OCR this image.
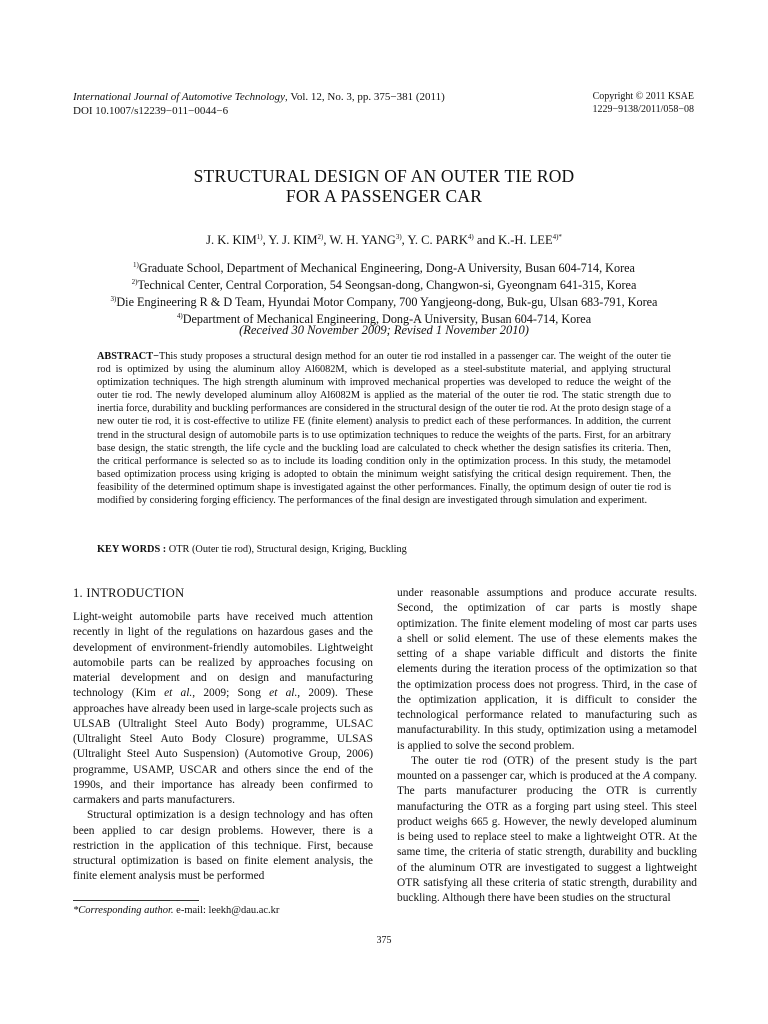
International Journal of Automotive Technology, Vol. 12, No. 3, pp. 375−381 (2011)
DOI 10.1007/s12239−011−0044−6
Copyright © 2011 KSAE
1229−9138/2011/058−08
STRUCTURAL DESIGN OF AN OUTER TIE ROD
FOR A PASSENGER CAR
J. K. KIM$^{1)}$, Y. J. KIM$^{2)}$, W. H. YANG$^{3)}$, Y. C. PARK$^{4)}$ and K.-H. $LEE^{4)*}$
$^{1)}$Graduate School, Department of Mechanical Engineering, Dong-A University, Busan 604-714, Korea
$^{2)}$Technical Center, Central Corporation, 54 Seongsan-dong, Changwon-si, Gyeongnam 641-315, Korea
$^{3)}$Die Engineering R & D Team, Hyundai Motor Company, 700 Yangjeong-dong, Buk-gu, Ulsan 683-791, Korea
$^{4)}$Department of Mechanical Engineering, Dong-A University, Busan 604-714, Korea
(Received 30 November 2009; Revised 1 November 2010)
ABSTRACT−This study proposes a structural design method for an outer tie rod installed in a passenger car. The weight of the outer tie rod is optimized by using the aluminum alloy Al6082M, which is developed as a steel-substitute material, and applying structural optimization techniques. The high strength aluminum with improved mechanical properties was developed to reduce the weight of the outer tie rod. The newly developed aluminum alloy Al6082M is applied as the material of the outer tie rod. The static strength due to inertia force, durability and buckling performances are considered in the structural design of the outer tie rod. At the proto design stage of a new outer tie rod, it is cost-effective to utilize FE (finite element) analysis to predict each of these performances. In addition, the current trend in the structural design of automobile parts is to use optimization techniques to reduce the weights of the parts. First, for an arbitrary base design, the static strength, the life cycle and the buckling load are calculated to check whether the design satisfies its criteria. Then, the critical performance is selected so as to include its loading condition only in the optimization process. In this study, the metamodel based optimization process using kriging is adopted to obtain the minimum weight satisfying the critical design requirement. Then, the feasibility of the determined optimum shape is investigated against the other performances. Finally, the optimum design of outer tie rod is modified by considering forging efficiency. The performances of the final design are investigated through simulation and experiment.
KEY WORDS : OTR (Outer tie rod), Structural design, Kriging, Buckling
1. INTRODUCTION

Light-weight automobile parts have received much attention recently in light of the regulations on hazardous gases and the development of environment-friendly automobiles. Lightweight automobile parts can be realized by approaches focusing on material development and on design and manufacturing technology (Kim et al., 2009; Song et al., 2009). These approaches have already been used in large-scale projects such as ULSAB (Ultralight Steel Auto Body) programme, ULSAC (Ultralight Steel Auto Body Closure) programme, ULSAS (Ultralight Steel Auto Suspension) (Automotive Group, 2006) programme, USAMP, USCAR and others since the end of the 1990s, and their importance has already been confirmed to carmakers and parts manufacturers.

Structural optimization is a design technology and has often been applied to car design problems. However, there is a restriction in the application of this technique. First, because structural optimization is based on finite element analysis, the finite element analysis must be performed

under reasonable assumptions and produce accurate results. Second, the optimization of car parts is mostly shape optimization. The finite element modeling of most car parts uses a shell or solid element. The use of these elements makes the setting of a shape variable difficult and distorts the finite elements during the iteration process of the optimization so that the optimization process does not progress. Third, in the case of the optimization application, it is difficult to consider the technological performance related to manufacturing such as manufacturability. In this study, optimization using a metamodel is applied to solve the second problem.

The outer tie rod (OTR) of the present study is the part mounted on a passenger car, which is produced at the A company. The parts manufacturer producing the OTR is currently manufacturing the OTR as a forging part using steel. This steel product weighs 665 g. However, the newly developed aluminum is being used to replace steel to make a lightweight OTR. At the same time, the criteria of static strength, durability and buckling of the aluminum OTR are investigated to suggest a lightweight OTR satisfying all these criteria of static strength, durability and buckling. Although there have been studies on the structural

*Corresponding author. e-mail: leekh@dau.ac.kr
375
